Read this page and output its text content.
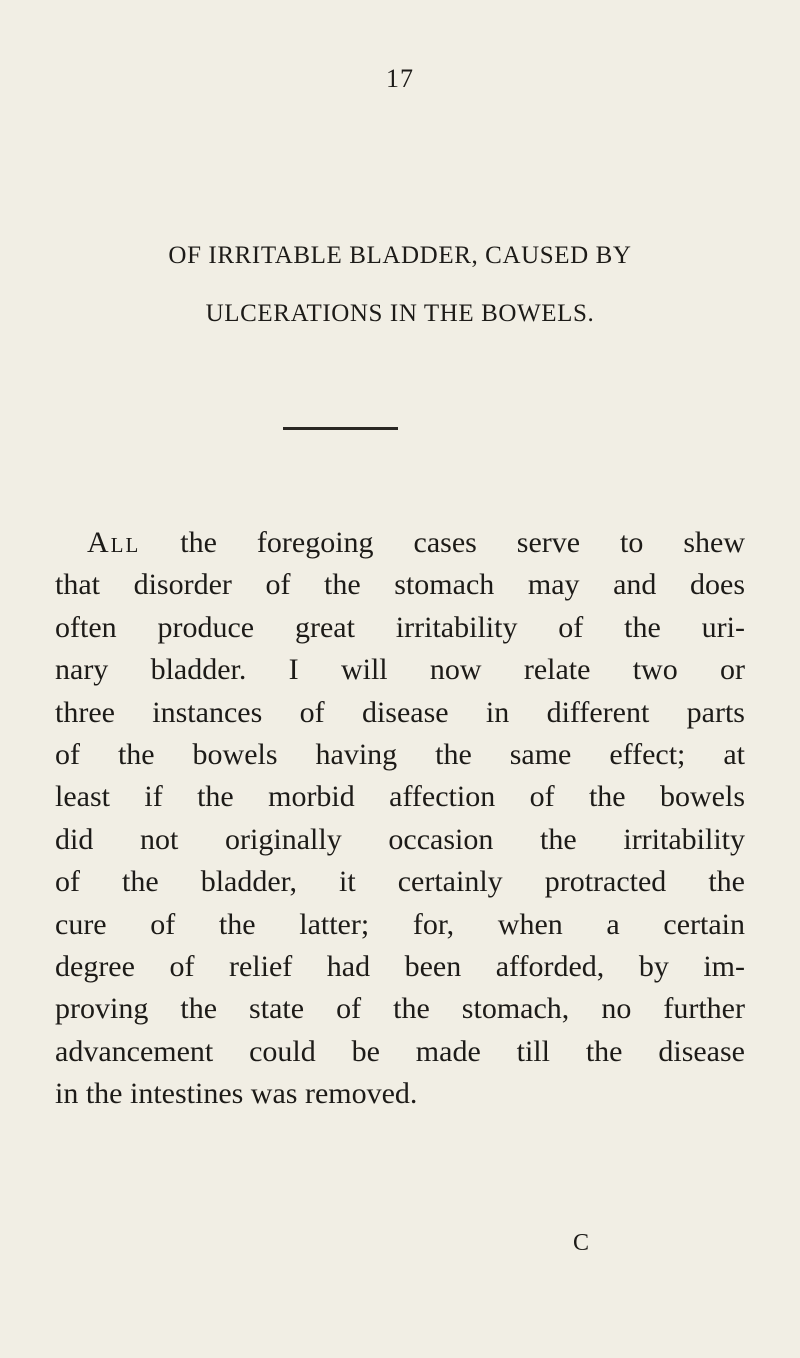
17
OF IRRITABLE BLADDER, CAUSED BY
ULCERATIONS IN THE BOWELS.
All the foregoing cases serve to shew
that disorder of the stomach may and does
often produce great irritability of the uri-
nary bladder. I will now relate two or
three instances of disease in different parts
of the bowels having the same effect; at
least if the morbid affection of the bowels
did not originally occasion the irritability
of the bladder, it certainly protracted the
cure of the latter; for, when a certain
degree of relief had been afforded, by im-
proving the state of the stomach, no further
advancement could be made till the disease
in the intestines was removed.
C
